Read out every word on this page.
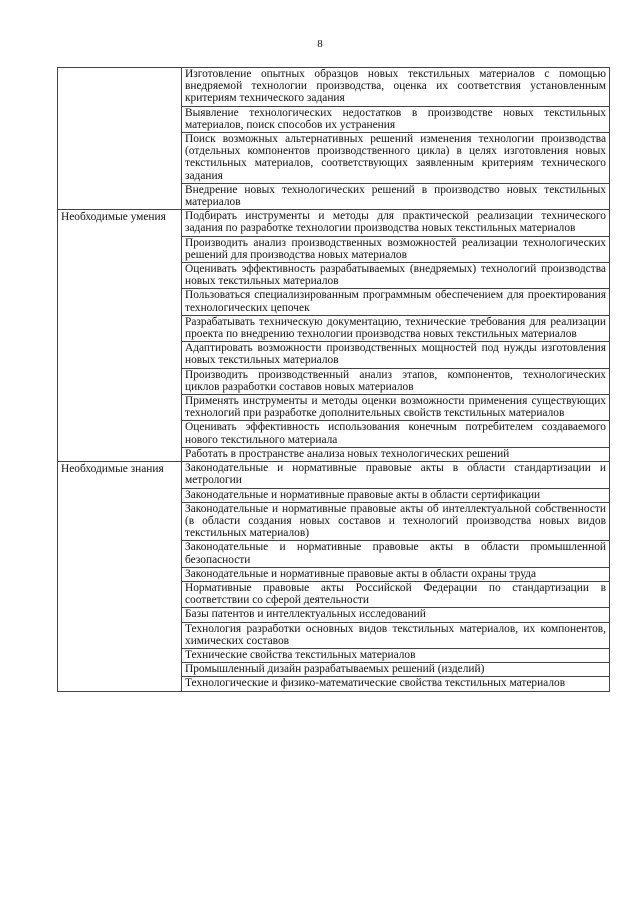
8
	Изготовление опытных образцов новых текстильных материалов с помощью внедряемой технологии производства, оценка их соответствия установленным критериям технического задания
	Выявление технологических недостатков в производстве новых текстильных материалов, поиск способов их устранения
	Поиск возможных альтернативных решений изменения технологии производства (отдельных компонентов производственного цикла) в целях изготовления новых текстильных материалов, соответствующих заявленным критериям технического задания
	Внедрение новых технологических решений в производство новых текстильных материалов

Необходимые умения	Подбирать инструменты и методы для практической реализации технического задания по разработке технологии производства новых текстильных материалов
	Производить анализ производственных возможностей реализации технологических решений для производства новых материалов
	Оценивать эффективность разрабатываемых (внедряемых) технологий производства новых текстильных материалов
	Пользоваться специализированным программным обеспечением для проектирования технологических цепочек
	Разрабатывать техническую документацию, технические требования для реализации проекта по внедрению технологии производства новых текстильных материалов
	Адаптировать возможности производственных мощностей под нужды изготовления новых текстильных материалов
	Производить производственный анализ этапов, компонентов, технологических циклов разработки составов новых материалов
	Применять инструменты и методы оценки возможности применения существующих технологий при разработке дополнительных свойств текстильных материалов
	Оценивать эффективность использования конечным потребителем создаваемого нового текстильного материала
	Работать в пространстве анализа новых технологических решений

Необходимые знания	Законодательные и нормативные правовые акты в области стандартизации и метрологии
	Законодательные и нормативные правовые акты в области сертификации
	Законодательные и нормативные правовые акты об интеллектуальной собственности (в области создания новых составов и технологий производства новых видов текстильных материалов)
	Законодательные и нормативные правовые акты в области промышленной безопасности
	Законодательные и нормативные правовые акты в области охраны труда
	Нормативные правовые акты Российской Федерации по стандартизации в соответствии со сферой деятельности
	Базы патентов и интеллектуальных исследований
	Технология разработки основных видов текстильных материалов, их компонентов, химических составов
	Технические свойства текстильных материалов
	Промышленный дизайн разрабатываемых решений (изделий)
	Технологические и физико-математические свойства текстильных материалов
